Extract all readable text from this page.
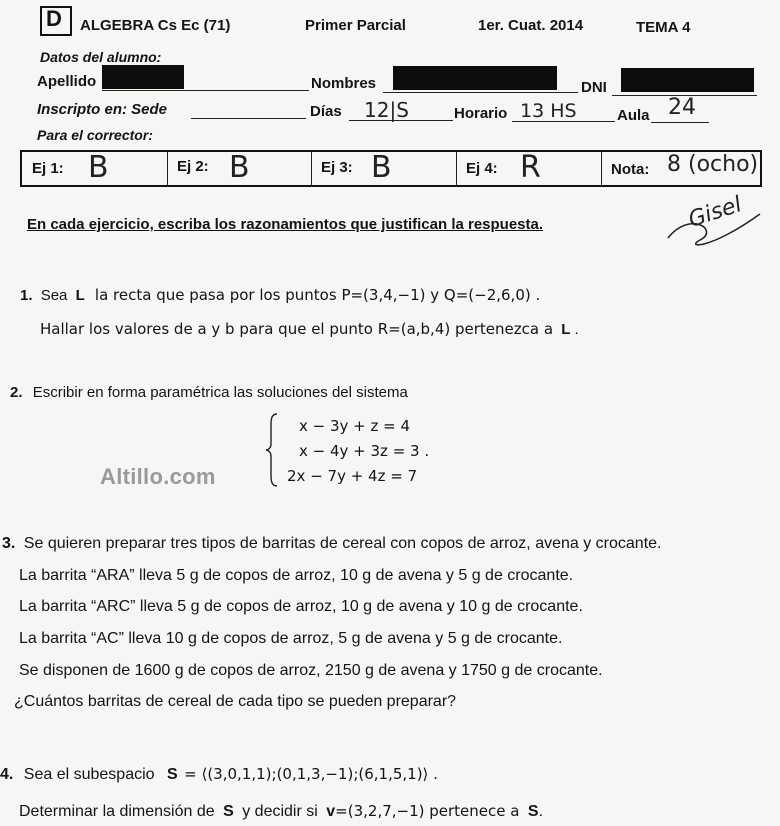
D ALGEBRA Cs Ec (71)	Primer Parcial	1er. Cuat. 2014	TEMA 4
Datos del alumno:
Apellido	Nombres	DNI
Inscripto en: Sede	Días 12|S	Horario 13 HS	Aula 24
Para el corrector:
Ej 1: B	Ej 2: B	Ej 3: B	Ej 4: R	Nota: 8 (ocho)
En cada ejercicio, escriba los razonamientos que justifican la respuesta.	Gisel
1. Sea L la recta que pasa por los puntos P=(3,4,−1) y Q=(−2,6,0) .
Hallar los valores de a y b para que el punto R=(a,b,4) pertenezca a L .
2. Escribir en forma paramétrica las soluciones del sistema
x − 3y + z = 4
x − 4y + 3z = 3 .
2x − 7y + 4z = 7
Altillo.com
3. Se quieren preparar tres tipos de barritas de cereal con copos de arroz, avena y crocante.
La barrita “ARA” lleva 5 g de copos de arroz, 10 g de avena y 5 g de crocante.
La barrita “ARC” lleva 5 g de copos de arroz, 10 g de avena y 10 g de crocante.
La barrita “AC” lleva 10 g de copos de arroz, 5 g de avena y 5 g de crocante.
Se disponen de 1600 g de copos de arroz, 2150 g de avena y 1750 g de crocante.
¿Cuántos barritas de cereal de cada tipo se pueden preparar?
4. Sea el subespacio S = ⟨(3,0,1,1);(0,1,3,−1);(6,1,5,1)⟩ .
Determinar la dimensión de S y decidir si v=(3,2,7,−1) pertenece a S.
